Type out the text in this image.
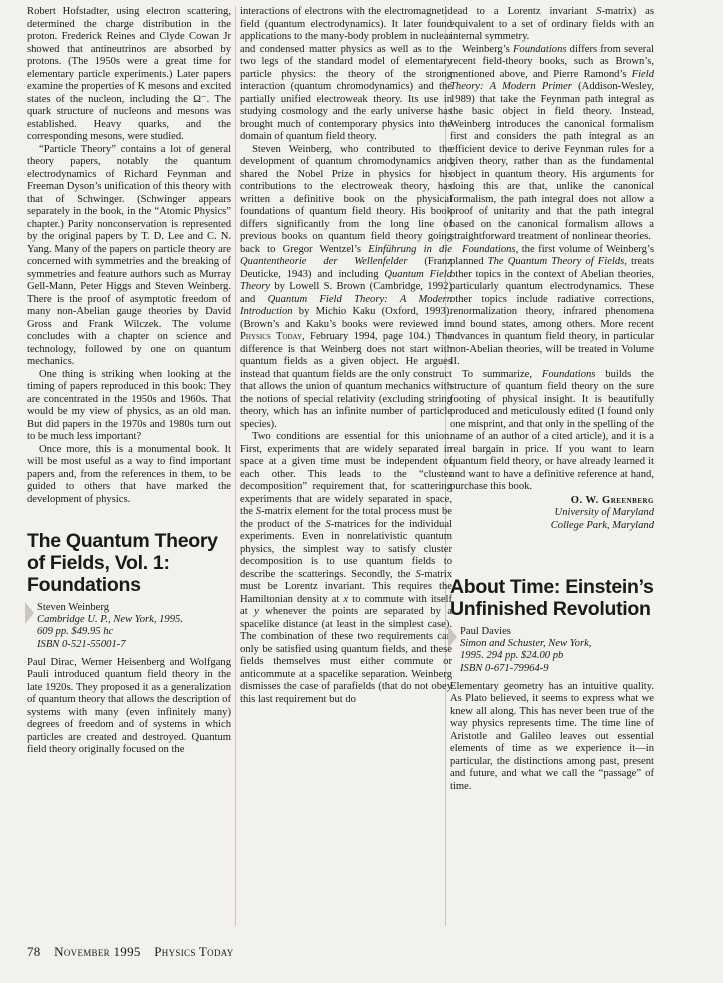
Robert Hofstadter, using electron scattering, determined the charge distribution in the proton. Frederick Reines and Clyde Cowan Jr showed that antineutrinos are absorbed by protons. (The 1950s were a great time for elementary particle experiments.) Later papers examine the properties of K mesons and excited states of the nucleon, including the Ω⁻. The quark structure of nucleons and mesons was established. Heavy quarks, and the corresponding mesons, were studied.

“Particle Theory” contains a lot of general theory papers, notably the quantum electrodynamics of Richard Feynman and Freeman Dyson’s unification of this theory with that of Schwinger. (Schwinger appears separately in the book, in the “Atomic Physics” chapter.) Parity nonconservation is represented by the original papers by T. D. Lee and C. N. Yang. Many of the papers on particle theory are concerned with symmetries and the breaking of symmetries and feature authors such as Murray Gell-Mann, Peter Higgs and Steven Weinberg. There is the proof of asymptotic freedom of many non-Abelian gauge theories by David Gross and Frank Wilczek. The volume concludes with a chapter on science and technology, followed by one on quantum mechanics.

One thing is striking when looking at the timing of papers reproduced in this book: They are concentrated in the 1950s and 1960s. That would be my view of physics, as an old man. But did papers in the 1970s and 1980s turn out to be much less important?

Once more, this is a monumental book. It will be most useful as a way to find important papers and, from the references in them, to be guided to others that have marked the development of physics.

The Quantum Theory of Fields, Vol. 1: Foundations
Steven Weinberg
Cambridge U. P., New York, 1995.
609 pp. $49.95 hc
ISBN 0-521-55001-7

Paul Dirac, Werner Heisenberg and Wolfgang Pauli introduced quantum field theory in the late 1920s. They proposed it as a generalization of quantum theory that allows the description of systems with many (even infinitely many) degrees of freedom and of systems in which particles are created and destroyed. Quantum field theory originally focused on the

interactions of electrons with the electromagnetic field (quantum electrodynamics). It later found applications to the many-body problem in nuclear and condensed matter physics as well as to the two legs of the standard model of elementary particle physics: the theory of the strong interaction (quantum chromodynamics) and the partially unified electroweak theory. Its use in studying cosmology and the early universe has brought much of contemporary physics into the domain of quantum field theory.

Steven Weinberg, who contributed to the development of quantum chromodynamics and shared the Nobel Prize in physics for his contributions to the electroweak theory, has written a definitive book on the physical foundations of quantum field theory. His book differs significantly from the long line of previous books on quantum field theory going back to Gregor Wentzel’s Einführung in die Quantentheorie der Wellenfelder (Franz Deuticke, 1943) and including Quantum Field Theory by Lowell S. Brown (Cambridge, 1992) and Quantum Field Theory: A Modern Introduction by Michio Kaku (Oxford, 1993). (Brown’s and Kaku’s books were reviewed in Physics Today, February 1994, page 104.) The difference is that Weinberg does not start with quantum fields as a given object. He argues instead that quantum fields are the only construct that allows the union of quantum mechanics with the notions of special relativity (excluding string theory, which has an infinite number of particle species).

Two conditions are essential for this union. First, experiments that are widely separated in space at a given time must be independent of each other. This leads to the “cluster decomposition” requirement that, for scattering experiments that are widely separated in space, the S-matrix element for the total process must be the product of the S-matrices for the individual experiments. Even in nonrelativistic quantum physics, the simplest way to satisfy cluster decomposition is to use quantum fields to describe the scatterings. Secondly, the S-matrix must be Lorentz invariant. This requires the Hamiltonian density at x to commute with itself at y whenever the points are separated by a spacelike distance (at least in the simplest case). The combination of these two requirements can only be satisfied using quantum fields, and these fields themselves must either commute or anticommute at a spacelike separation. Weinberg dismisses the case of parafields (that do not obey this last requirement but do

lead to a Lorentz invariant S-matrix) as equivalent to a set of ordinary fields with an internal symmetry.

Weinberg’s Foundations differs from several recent field-theory books, such as Brown’s, mentioned above, and Pierre Ramond’s Field Theory: A Modern Primer (Addison-Wesley, 1989) that take the Feynman path integral as the basic object in field theory. Instead, Weinberg introduces the canonical formalism first and considers the path integral as an efficient device to derive Feynman rules for a given theory, rather than as the fundamental object in quantum theory. His arguments for doing this are that, unlike the canonical formalism, the path integral does not allow a proof of unitarity and that the path integral based on the canonical formalism allows a straightforward treatment of nonlinear theories.

Foundations, the first volume of Weinberg’s planned The Quantum Theory of Fields, treats other topics in the context of Abelian theories, particularly quantum electrodynamics. These other topics include radiative corrections, renormalization theory, infrared phenomena and bound states, among others. More recent advances in quantum field theory, in particular non-Abelian theories, will be treated in Volume II.

To summarize, Foundations builds the structure of quantum field theory on the sure footing of physical insight. It is beautifully produced and meticulously edited (I found only one misprint, and that only in the spelling of the name of an author of a cited article), and it is a real bargain in price. If you want to learn quantum field theory, or have already learned it and want to have a definitive reference at hand, purchase this book.

O. W. Greenberg
University of Maryland
College Park, Maryland
About Time: Einstein’s Unfinished Revolution
Paul Davies
Simon and Schuster, New York,
1995. 294 pp. $24.00 pb
ISBN 0-671-79964-9

Elementary geometry has an intuitive quality. As Plato believed, it seems to express what we knew all along. This has never been true of the way physics represents time. The time line of Aristotle and Galileo leaves out essential elements of time as we experience it—in particular, the distinctions among past, present and future, and what we call the “passage” of time.

78 November 1995 Physics Today
